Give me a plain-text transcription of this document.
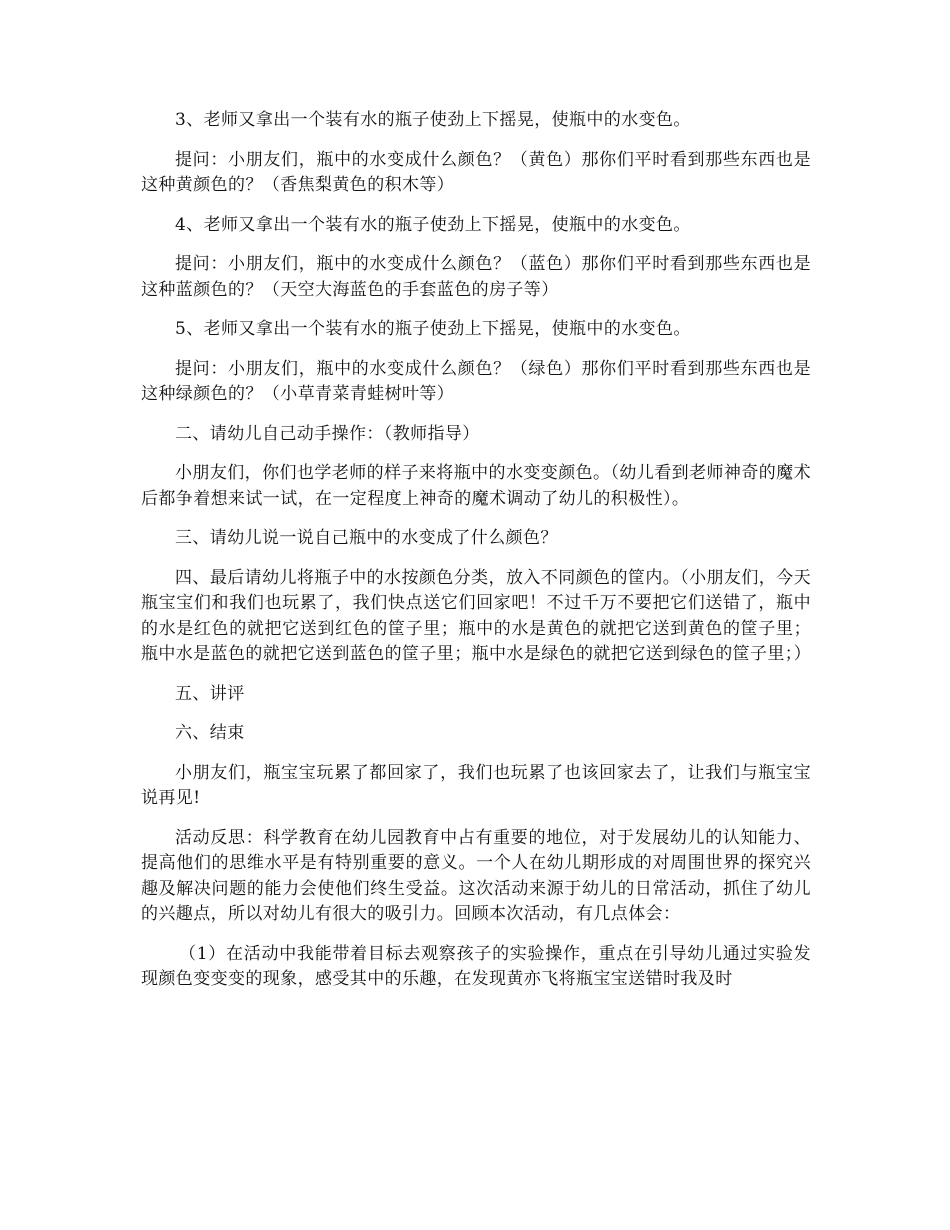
3、老师又拿出一个装有水的瓶子使劲上下摇晃，使瓶中的水变色。

提问：小朋友们，瓶中的水变成什么颜色？（黄色）那你们平时看到那些东西也是这种黄颜色的？（香焦梨黄色的积木等）

4、老师又拿出一个装有水的瓶子使劲上下摇晃，使瓶中的水变色。

提问：小朋友们，瓶中的水变成什么颜色？（蓝色）那你们平时看到那些东西也是这种蓝颜色的？（天空大海蓝色的手套蓝色的房子等）

5、老师又拿出一个装有水的瓶子使劲上下摇晃，使瓶中的水变色。

提问：小朋友们，瓶中的水变成什么颜色？（绿色）那你们平时看到那些东西也是这种绿颜色的？（小草青菜青蛙树叶等）

二、请幼儿自己动手操作：（教师指导）

小朋友们，你们也学老师的样子来将瓶中的水变变颜色。（幼儿看到老师神奇的魔术后都争着想来试一试，在一定程度上神奇的魔术调动了幼儿的积极性）。

三、请幼儿说一说自己瓶中的水变成了什么颜色？

四、最后请幼儿将瓶子中的水按颜色分类，放入不同颜色的筐内。（小朋友们，今天瓶宝宝们和我们也玩累了，我们快点送它们回家吧！不过千万不要把它们送错了，瓶中的水是红色的就把它送到红色的筐子里；瓶中的水是黄色的就把它送到黄色的筐子里；瓶中水是蓝色的就把它送到蓝色的筐子里；瓶中水是绿色的就把它送到绿色的筐子里；）

五、讲评

六、结束

小朋友们，瓶宝宝玩累了都回家了，我们也玩累了也该回家去了，让我们与瓶宝宝说再见!

活动反思：科学教育在幼儿园教育中占有重要的地位，对于发展幼儿的认知能力、提高他们的思维水平是有特别重要的意义。一个人在幼儿期形成的对周围世界的探究兴趣及解决问题的能力会使他们终生受益。这次活动来源于幼儿的日常活动，抓住了幼儿的兴趣点，所以对幼儿有很大的吸引力。回顾本次活动，有几点体会：

（1）在活动中我能带着目标去观察孩子的实验操作，重点在引导幼儿通过实验发现颜色变变变的现象，感受其中的乐趣，在发现黄亦飞将瓶宝宝送错时我及时
